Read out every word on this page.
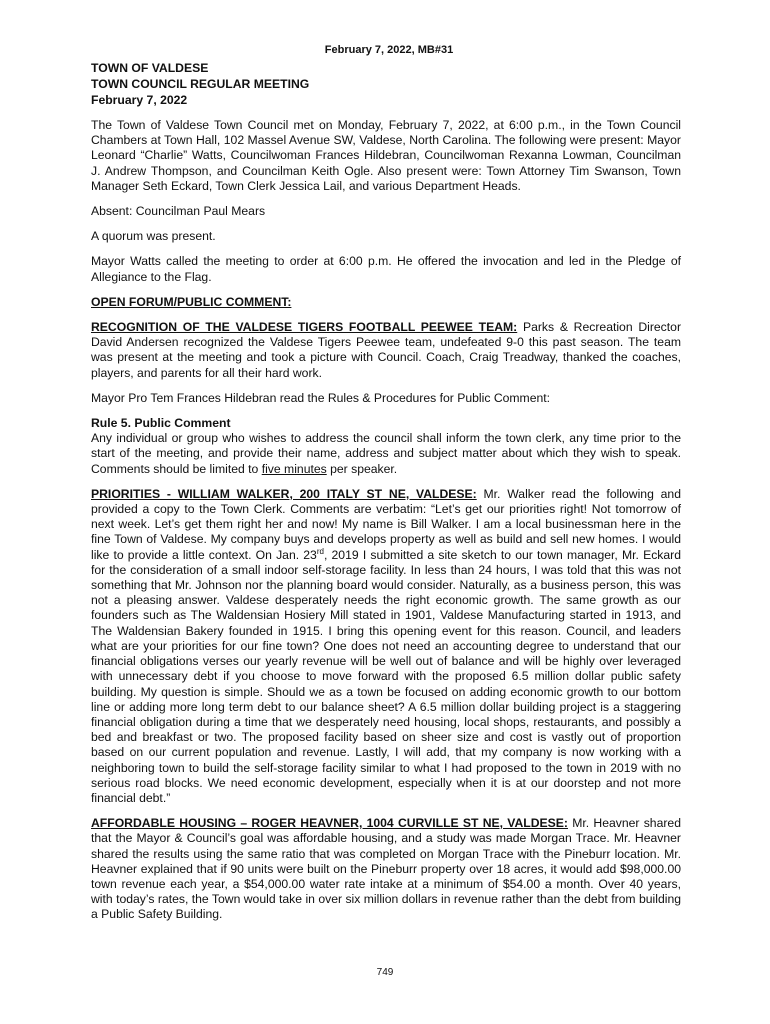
February 7, 2022, MB#31
TOWN OF VALDESE
TOWN COUNCIL REGULAR MEETING
February 7, 2022

The Town of Valdese Town Council met on Monday, February 7, 2022, at 6:00 p.m., in the Town Council Chambers at Town Hall, 102 Massel Avenue SW, Valdese, North Carolina. The following were present: Mayor Leonard “Charlie” Watts, Councilwoman Frances Hildebran, Councilwoman Rexanna Lowman, Councilman J. Andrew Thompson, and Councilman Keith Ogle. Also present were: Town Attorney Tim Swanson, Town Manager Seth Eckard, Town Clerk Jessica Lail, and various Department Heads.

Absent: Councilman Paul Mears

A quorum was present.

Mayor Watts called the meeting to order at 6:00 p.m. He offered the invocation and led in the Pledge of Allegiance to the Flag.

OPEN FORUM/PUBLIC COMMENT:

RECOGNITION OF THE VALDESE TIGERS FOOTBALL PEEWEE TEAM: Parks & Recreation Director David Andersen recognized the Valdese Tigers Peewee team, undefeated 9-0 this past season. The team was present at the meeting and took a picture with Council. Coach, Craig Treadway, thanked the coaches, players, and parents for all their hard work.

Mayor Pro Tem Frances Hildebran read the Rules & Procedures for Public Comment:

Rule 5. Public Comment
Any individual or group who wishes to address the council shall inform the town clerk, any time prior to the start of the meeting, and provide their name, address and subject matter about which they wish to speak. Comments should be limited to five minutes per speaker.

PRIORITIES - WILLIAM WALKER, 200 ITALY ST NE, VALDESE: Mr. Walker read the following and provided a copy to the Town Clerk. Comments are verbatim: “Let’s get our priorities right! Not tomorrow of next week. Let’s get them right her and now! My name is Bill Walker. I am a local businessman here in the fine Town of Valdese. My company buys and develops property as well as build and sell new homes. I would like to provide a little context. On Jan. 23rd, 2019 I submitted a site sketch to our town manager, Mr. Eckard for the consideration of a small indoor self-storage facility. In less than 24 hours, I was told that this was not something that Mr. Johnson nor the planning board would consider. Naturally, as a business person, this was not a pleasing answer. Valdese desperately needs the right economic growth. The same growth as our founders such as The Waldensian Hosiery Mill stated in 1901, Valdese Manufacturing started in 1913, and The Waldensian Bakery founded in 1915. I bring this opening event for this reason. Council, and leaders what are your priorities for our fine town? One does not need an accounting degree to understand that our financial obligations verses our yearly revenue will be well out of balance and will be highly over leveraged with unnecessary debt if you choose to move forward with the proposed 6.5 million dollar public safety building. My question is simple. Should we as a town be focused on adding economic growth to our bottom line or adding more long term debt to our balance sheet? A 6.5 million dollar building project is a staggering financial obligation during a time that we desperately need housing, local shops, restaurants, and possibly a bed and breakfast or two. The proposed facility based on sheer size and cost is vastly out of proportion based on our current population and revenue. Lastly, I will add, that my company is now working with a neighboring town to build the self-storage facility similar to what I had proposed to the town in 2019 with no serious road blocks. We need economic development, especially when it is at our doorstep and not more financial debt.”

AFFORDABLE HOUSING – ROGER HEAVNER, 1004 CURVILLE ST NE, VALDESE: Mr. Heavner shared that the Mayor & Council’s goal was affordable housing, and a study was made Morgan Trace. Mr. Heavner shared the results using the same ratio that was completed on Morgan Trace with the Pineburr location. Mr. Heavner explained that if 90 units were built on the Pineburr property over 18 acres, it would add $98,000.00 town revenue each year, a $54,000.00 water rate intake at a minimum of $54.00 a month. Over 40 years, with today’s rates, the Town would take in over six million dollars in revenue rather than the debt from building a Public Safety Building.

749
